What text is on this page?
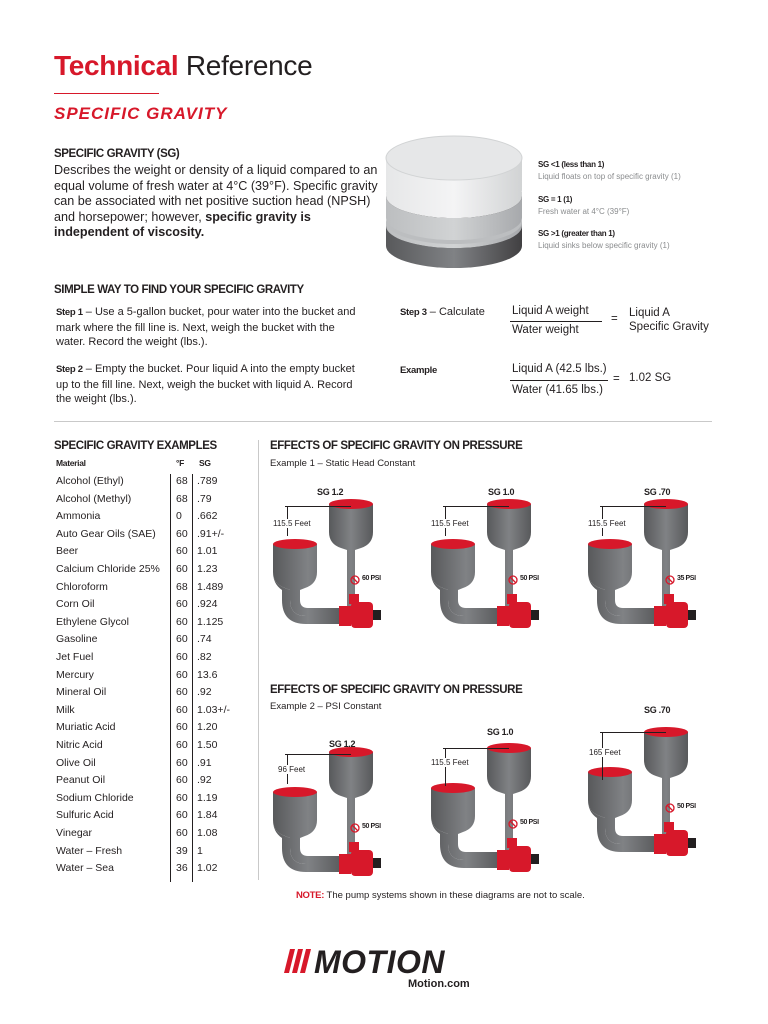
Technical Reference
SPECIFIC GRAVITY
SPECIFIC GRAVITY (SG)
Describes the weight or density of a liquid compared to an equal volume of fresh water at 4°C (39°F). Specific gravity can be associated with net positive suction head (NPSH) and horsepower; however, specific gravity is independent of viscosity.
SG <1 (less than 1)
Liquid floats on top of specific gravity (1)
SG = 1 (1)
Fresh water at 4°C (39°F)
SG >1 (greater than 1)
Liquid sinks below specific gravity (1)
SIMPLE WAY TO FIND YOUR SPECIFIC GRAVITY
Step 1 – Use a 5-gallon bucket, pour water into the bucket and mark where the fill line is. Next, weigh the bucket with the water. Record the weight (lbs.).
Step 2 – Empty the bucket. Pour liquid A into the empty bucket up to the fill line. Next, weigh the bucket with liquid A. Record the weight (lbs.).
Step 3 – Calculate
Example
Liquid A weight
Water weight
= Liquid A
Specific Gravity
Liquid A (42.5 lbs.)
Water (41.65 lbs.)
= 1.02 SG
SPECIFIC GRAVITY EXAMPLES
Material	°F SG
Alcohol (Ethyl)	68 .789
Alcohol (Methyl)	68 .79
Ammonia	0 .662
Auto Gear Oils (SAE) 60 .91+/-
Beer	60 1.01
Calcium Chloride 25% 60 1.23
Chloroform	68 1.489
Corn Oil	60 .924
Ethylene Glycol	60 1.125
Gasoline	60 .74
Jet Fuel	60 .82
Mercury	60 13.6
Mineral Oil	60 .92
Milk	60 1.03+/-
Muriatic Acid	60 1.20
Nitric Acid	60 1.50
Olive Oil	60 .91
Peanut Oil	60 .92
Sodium Chloride	60 1.19
Sulfuric Acid	60 1.84
Vinegar	60 1.08
Water – Fresh	39 1
Water – Sea	36 1.02
EFFECTS OF SPECIFIC GRAVITY ON PRESSURE
Example 1 – Static Head Constant
SG 1.2
115.5 Feet
60 PSI
SG 1.0
115.5 Feet
50 PSI
SG .70
115.5 Feet
35 PSI
EFFECTS OF SPECIFIC GRAVITY ON PRESSURE
Example 2 – PSI Constant
SG 1.2
96 Feet
50 PSI
SG 1.0
115.5 Feet
50 PSI
SG .70
165 Feet
50 PSI
NOTE: The pump systems shown in these diagrams are not to scale.
MOTION
Motion.com
